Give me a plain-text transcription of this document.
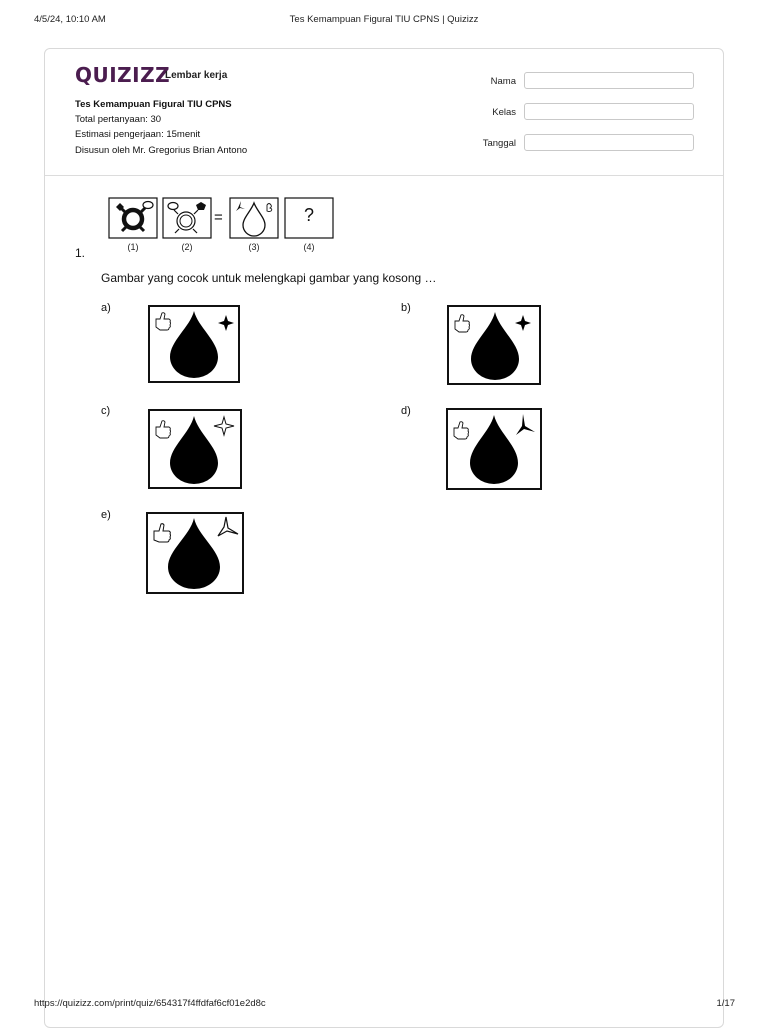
4/5/24, 10:10 AM	Tes Kemampuan Figural TIU CPNS | Quizizz
QUIZIZZ
Lembar kerja
Tes Kemampuan Figural TIU CPNS
Total pertanyaan: 30
Estimasi pengerjaan: 15menit
Disusun oleh Mr. Gregorius Brian Antono
Nama
Kelas
Tanggal
=	?
(1)	(2)	(3)	(4)
1.
Gambar yang cocok untuk melengkapi gambar yang kosong …
a)	b)
c)	d)
e)
https://quizizz.com/print/quiz/654317f4ffdfaf6cf01e2d8c	1/17
